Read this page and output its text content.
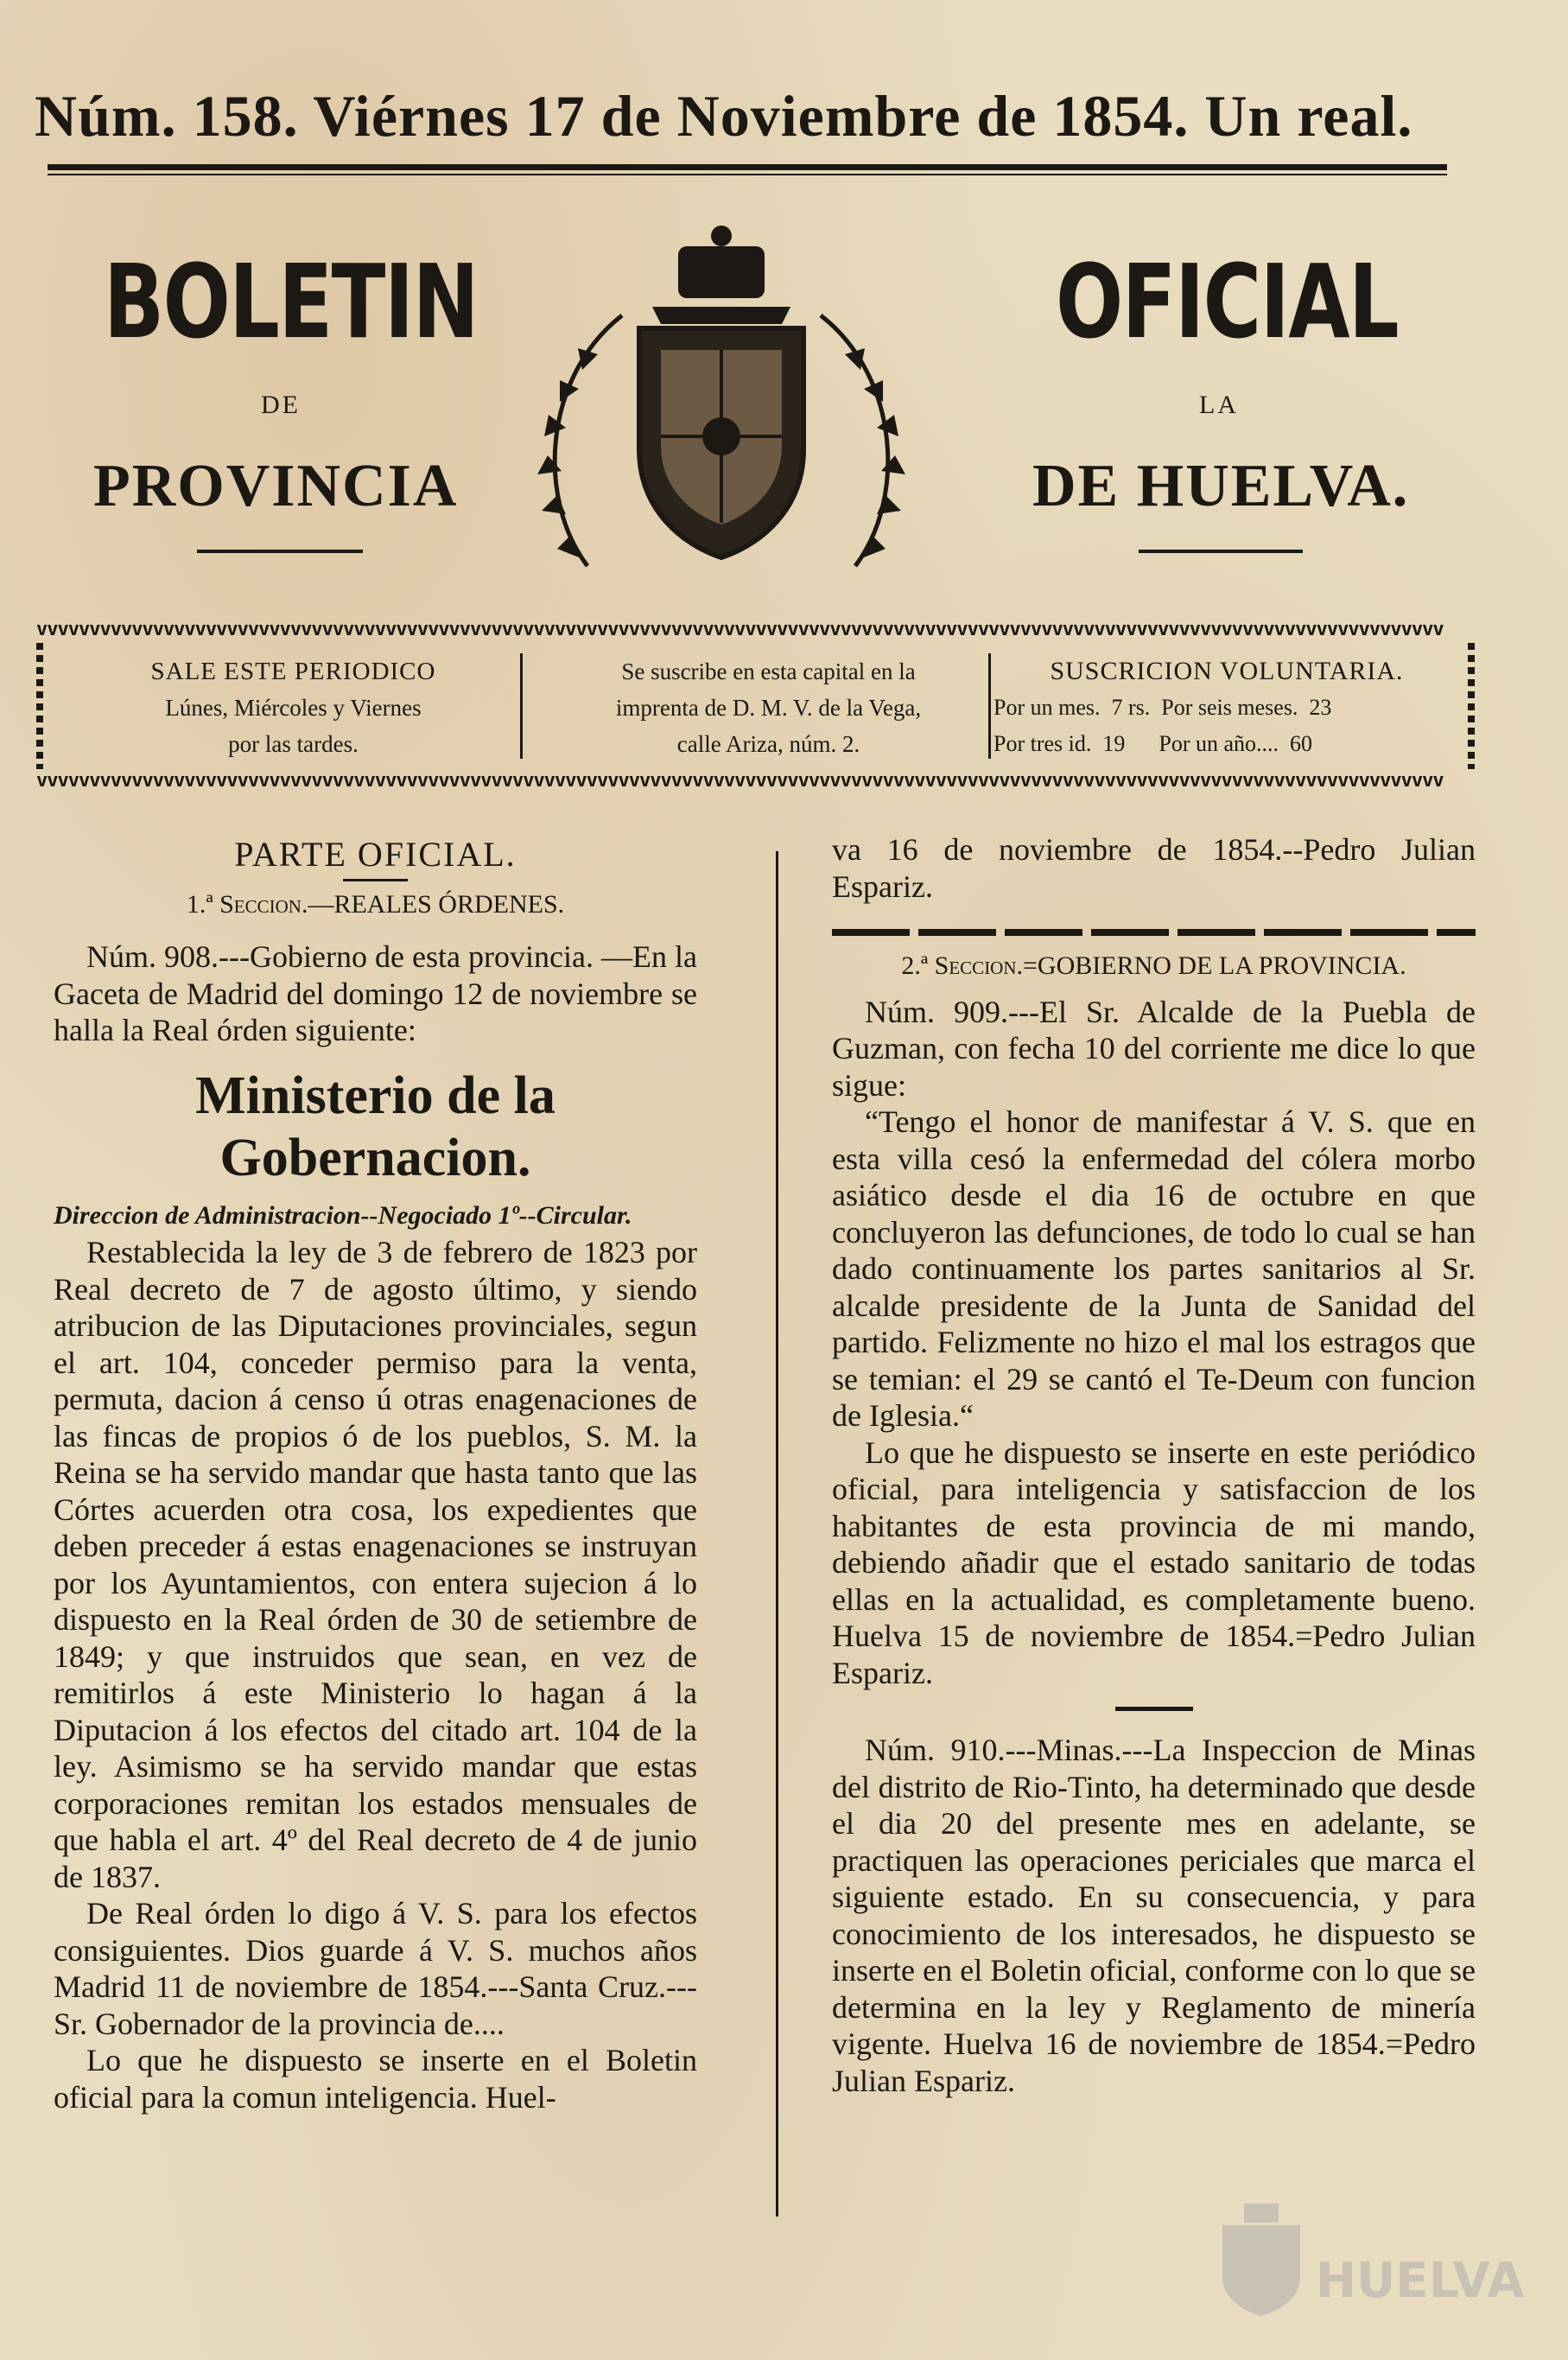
Núm. 158. Viérnes 17 de Noviembre de 1854. Un real.
BOLETIN
DE
PROVINCIA
OFICIAL
LA
DE HUELVA.
vvvvvvvvvvvvvvvvvvvvvvvvvvvvvvvvvvvvvvvvvvvvvvvvvvvvvvvvvvvvvvvvvvvvvvvvvvvvvvvvvvvvvvvvvvvvvvvvvvvvvvvvvvvvvvvvvvvvvvvvvvvvvvvvvvvvv
vvvvvvvvvvvvvvvvvvvvvvvvvvvvvvvvvvvvvvvvvvvvvvvvvvvvvvvvvvvvvvvvvvvvvvvvvvvvvvvvvvvvvvvvvvvvvvvvvvvvvvvvvvvvvvvvvvvvvvvvvvvvvvvvvvvvv
SALE ESTE PERIODICO
Lúnes, Miércoles y Viernes
por las tardes.
Se suscribe en esta capital en la
imprenta de D. M. V. de la Vega,
calle Ariza, núm. 2.
SUSCRICION VOLUNTARIA.
Por un mes.  7 rs.  Por seis meses.  23
Por tres id.  19      Por un año....  60
PARTE OFICIAL.
1.ª Seccion.—REALES ÓRDENES.

Núm. 908.---Gobierno de esta provincia. —En la Gaceta de Madrid del domingo 12 de noviembre se halla la Real órden siguiente:

Ministerio de la Gobernacion.
Direccion de Administracion--Negociado 1º--Circular.

Restablecida la ley de 3 de febrero de 1823 por Real decreto de 7 de agosto último, y siendo atribucion de las Diputaciones provinciales, segun el art. 104, conceder permiso para la venta, permuta, dacion á censo ú otras enagenaciones de las fincas de propios ó de los pueblos, S. M. la Reina se ha servido mandar que hasta tanto que las Córtes acuerden otra cosa, los expedientes que deben preceder á estas enagenaciones se instruyan por los Ayuntamientos, con entera sujecion á lo dispuesto en la Real órden de 30 de setiembre de 1849; y que instruidos que sean, en vez de remitirlos á este Ministerio lo hagan á la Diputacion á los efectos del citado art. 104 de la ley. Asimismo se ha servido mandar que estas corporaciones remitan los estados mensuales de que habla el art. 4º del Real decreto de 4 de junio de 1837.

De Real órden lo digo á V. S. para los efectos consiguientes. Dios guarde á V. S. muchos años Madrid 11 de noviembre de 1854.---Santa Cruz.---Sr. Gobernador de la provincia de....

Lo que he dispuesto se inserte en el Boletin oficial para la comun inteligencia. Huel-

va 16 de noviembre de 1854.--Pedro Julian Espariz.

2.ª Seccion.=GOBIERNO DE LA PROVINCIA.

Núm. 909.---El Sr. Alcalde de la Puebla de Guzman, con fecha 10 del corriente me dice lo que sigue:

“Tengo el honor de manifestar á V. S. que en esta villa cesó la enfermedad del cólera morbo asiático desde el dia 16 de octubre en que concluyeron las defunciones, de todo lo cual se han dado continuamente los partes sanitarios al Sr. alcalde presidente de la Junta de Sanidad del partido. Felizmente no hizo el mal los estragos que se temian: el 29 se cantó el Te-Deum con funcion de Iglesia.“

Lo que he dispuesto se inserte en este periódico oficial, para inteligencia y satisfaccion de los habitantes de esta provincia de mi mando, debiendo añadir que el estado sanitario de todas ellas en la actualidad, es completamente bueno. Huelva 15 de noviembre de 1854.=Pedro Julian Espariz.

Núm. 910.---Minas.---La Inspeccion de Minas del distrito de Rio-Tinto, ha determinado que desde el dia 20 del presente mes en adelante, se practiquen las operaciones periciales que marca el siguiente estado. En su consecuencia, y para conocimiento de los interesados, he dispuesto se inserte en el Boletin oficial, conforme con lo que se determina en la ley y Reglamento de minería vigente. Huelva 16 de noviembre de 1854.=Pedro Julian Espariz.

HUELVA
